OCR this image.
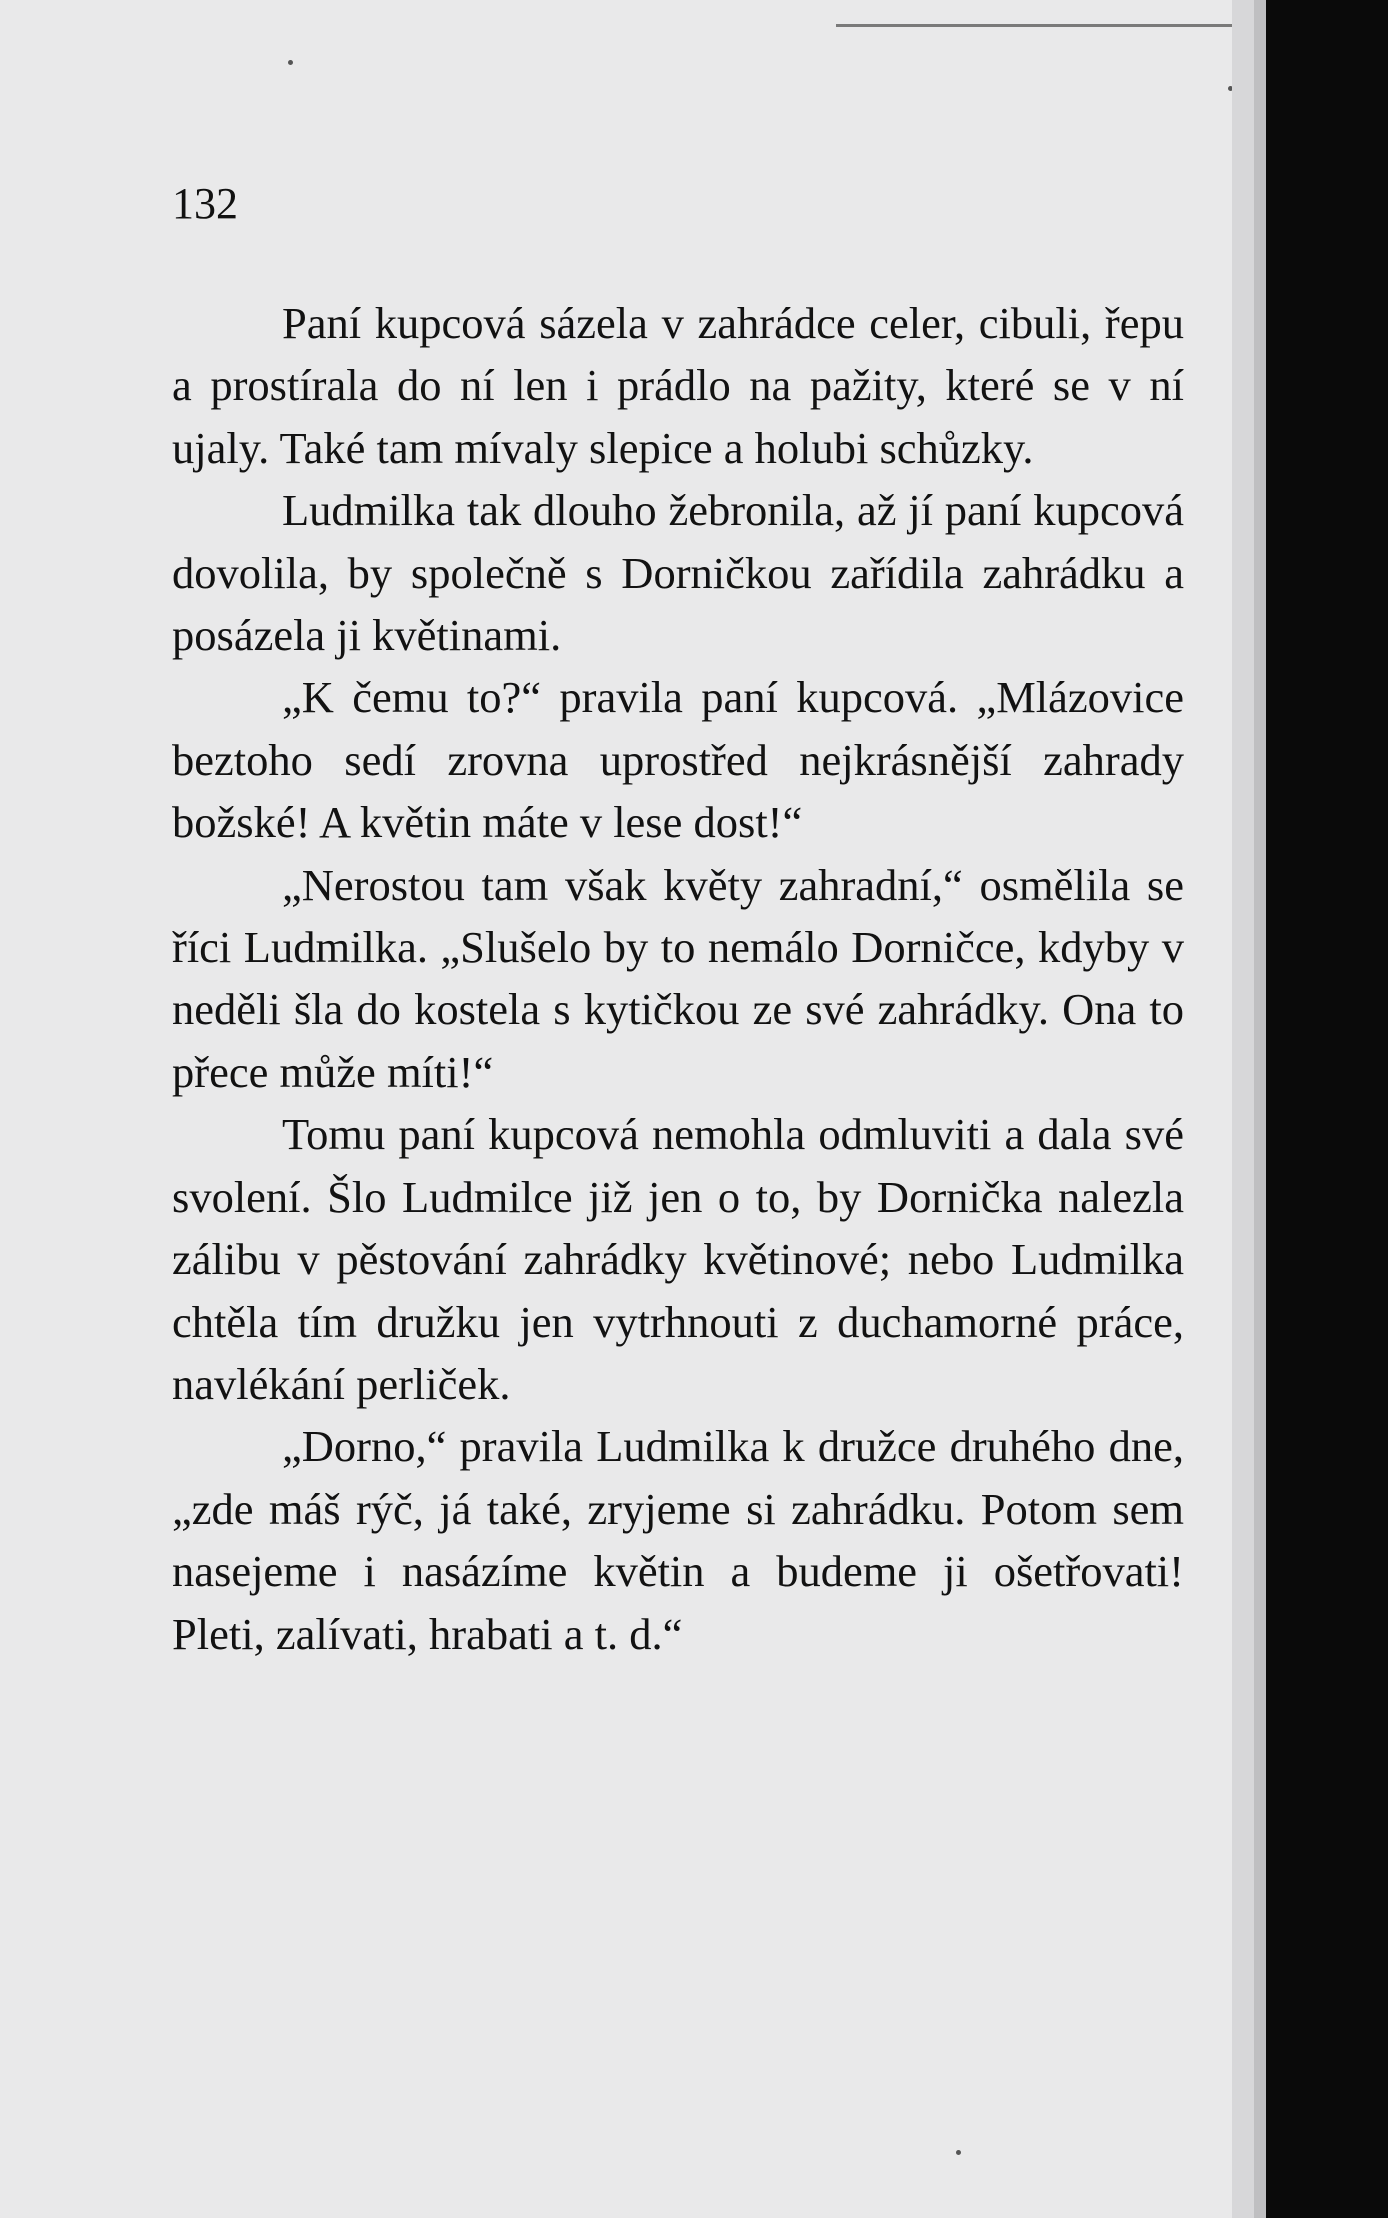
132

Paní kupcová sázela v zahrádce celer, cibuli, řepu a prostírala do ní len i prádlo na pažity, které se v ní ujaly. Také tam mívaly slepice a holubi schůzky.

Ludmilka tak dlouho žebronila, až jí paní kupcová dovolila, by společně s Dorničkou zařídila zahrádku a posázela ji květinami.

„K čemu to?“ pravila paní kupcová. „Mlázovice beztoho sedí zrovna uprostřed nejkrásnější zahrady božské! A květin máte v lese dost!“

„Nerostou tam však květy zahradní,“ osmělila se říci Ludmilka. „Slušelo by to nemálo Dorničce, kdyby v neděli šla do kostela s kytičkou ze své zahrádky. Ona to přece může míti!“

Tomu paní kupcová nemohla odmluviti a dala své svolení. Šlo Ludmilce již jen o to, by Dornička nalezla zálibu v pěstování zahrádky květinové; nebo Ludmilka chtěla tím družku jen vytrhnouti z duchamorné práce, navlékání perliček.

„Dorno,“ pravila Ludmilka k družce druhého dne, „zde máš rýč, já také, zryjeme si zahrádku. Potom sem nasejeme i nasázíme květin a budeme ji ošetřovati! Pleti, zalívati, hrabati a t. d.“
